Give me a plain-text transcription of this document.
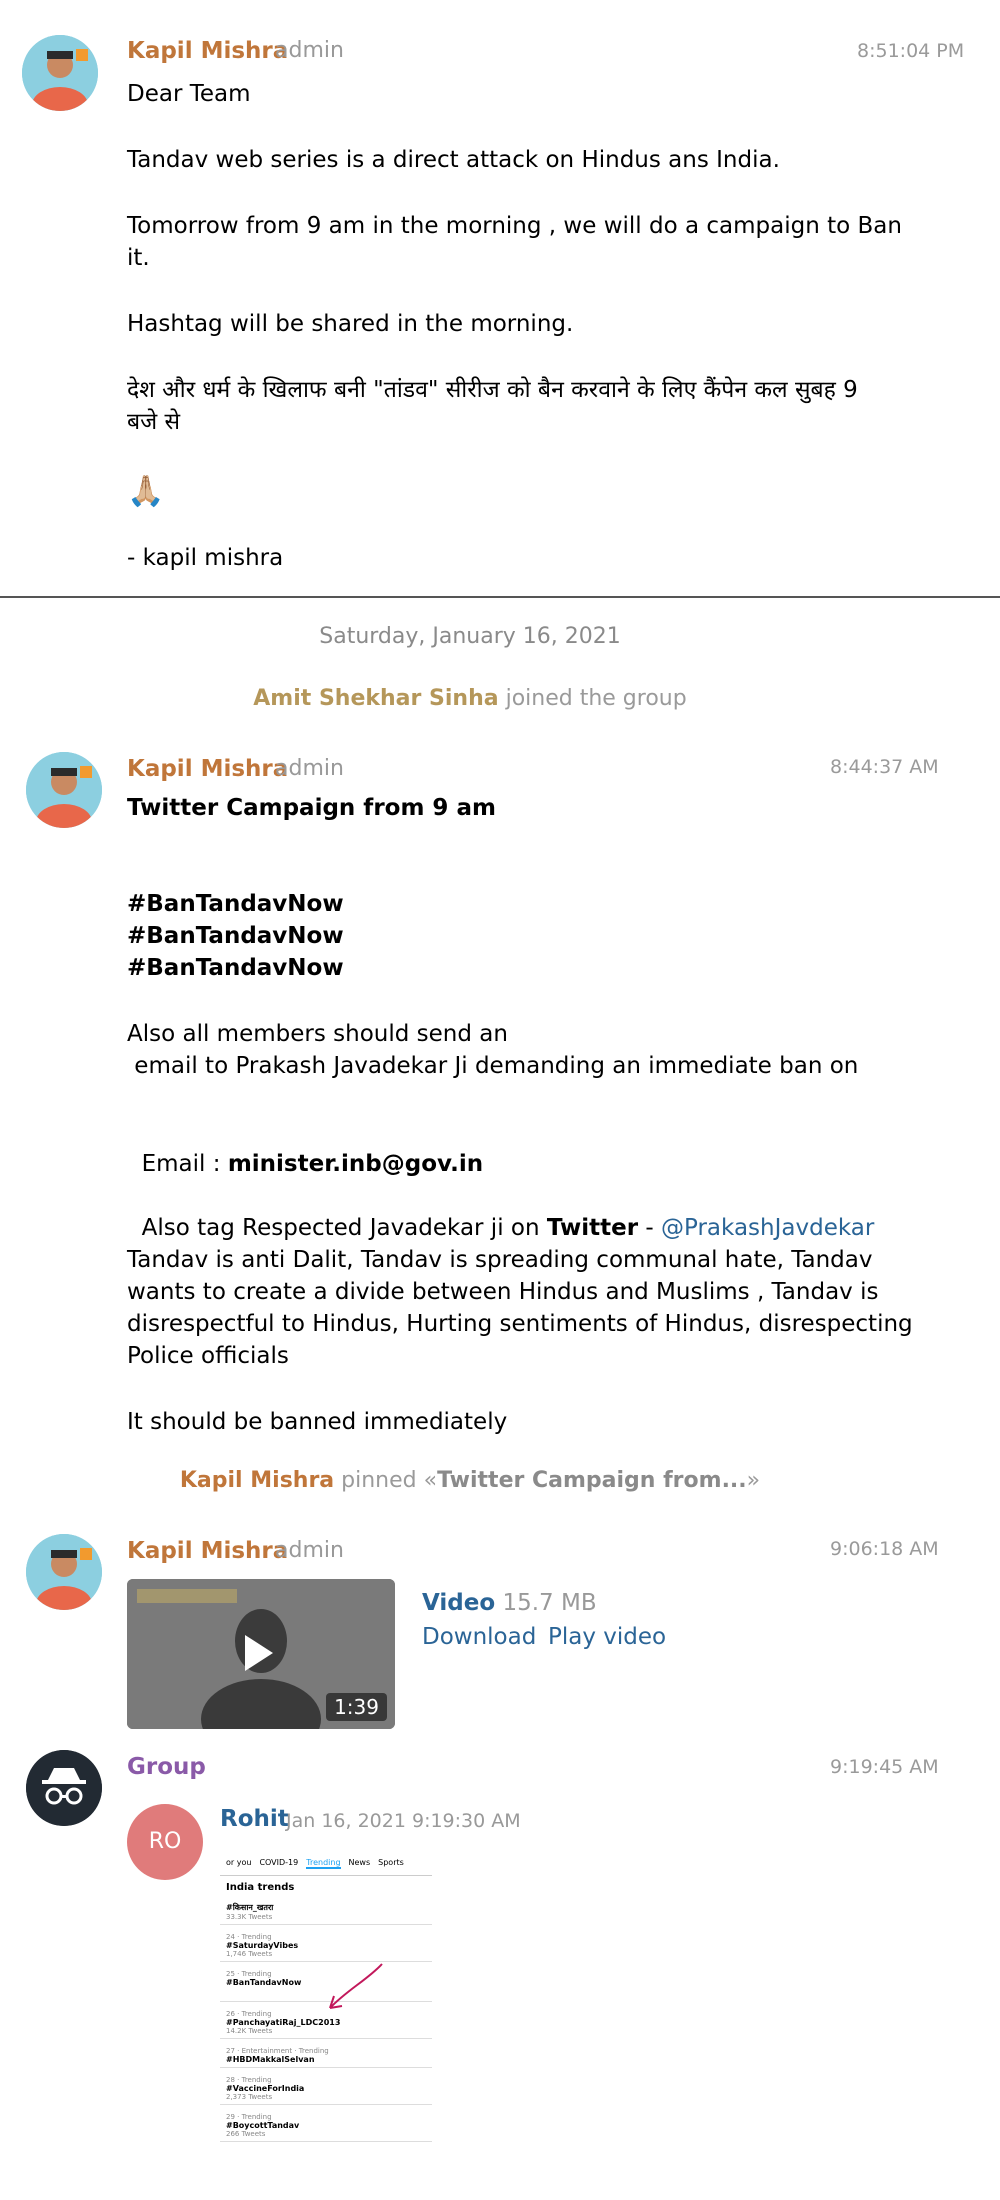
Kapil Mishra
admin	8:51:04 PM
Dear Team
Tandav web series is a direct attack on Hindus ans India.
Tomorrow from 9 am in the morning , we will do a campaign to Ban
it.
Hashtag will be shared in the morning.
देश और धर्म के खिलाफ बनी "तांडव" सीरीज को बैन करवाने के लिए कैंपेन कल सुबह 9
बजे से
🙏🏼
- kapil mishra
Saturday, January 16, 2021
Amit Shekhar Sinha joined the group
Kapil Mishra
admin	8:44:37 AM
Twitter Campaign from 9 am
#BanTandavNow
#BanTandavNow
#BanTandavNow
Also all members should send an
email to Prakash Javadekar Ji demanding an immediate ban on

Email : minister.inb@gov.in

Also tag Respected Javadekar ji on Twitter - @PrakashJavdekar

Tandav is anti Dalit, Tandav is spreading communal hate, Tandav
wants to create a divide between Hindus and Muslims , Tandav is
disrespectful to Hindus, Hurting sentiments of Hindus, disrespecting
Police officials
It should be banned immediately
Kapil Mishra pinned «Twitter Campaign from...»
Kapil Mishra
admin	9:06:18 AM
1:39
Video 15.7 MB
Download Play video
Group	9:19:45 AM
RO
Rohit
Jan 16, 2021 9:19:30 AM
or you COVID-19 Trending News Sports
India trends
#किसान_खतरा
33.3K Tweets
24 · Trending
#SaturdayVibes
1,746 Tweets
25 · Trending
#BanTandavNow
26 · Trending
#PanchayatiRaj_LDC2013
14.2K Tweets
27 · Entertainment · Trending
#HBDMakkalSelvan
28 · Trending
#VaccineForIndia
2,373 Tweets
29 · Trending
#BoycottTandav
266 Tweets
